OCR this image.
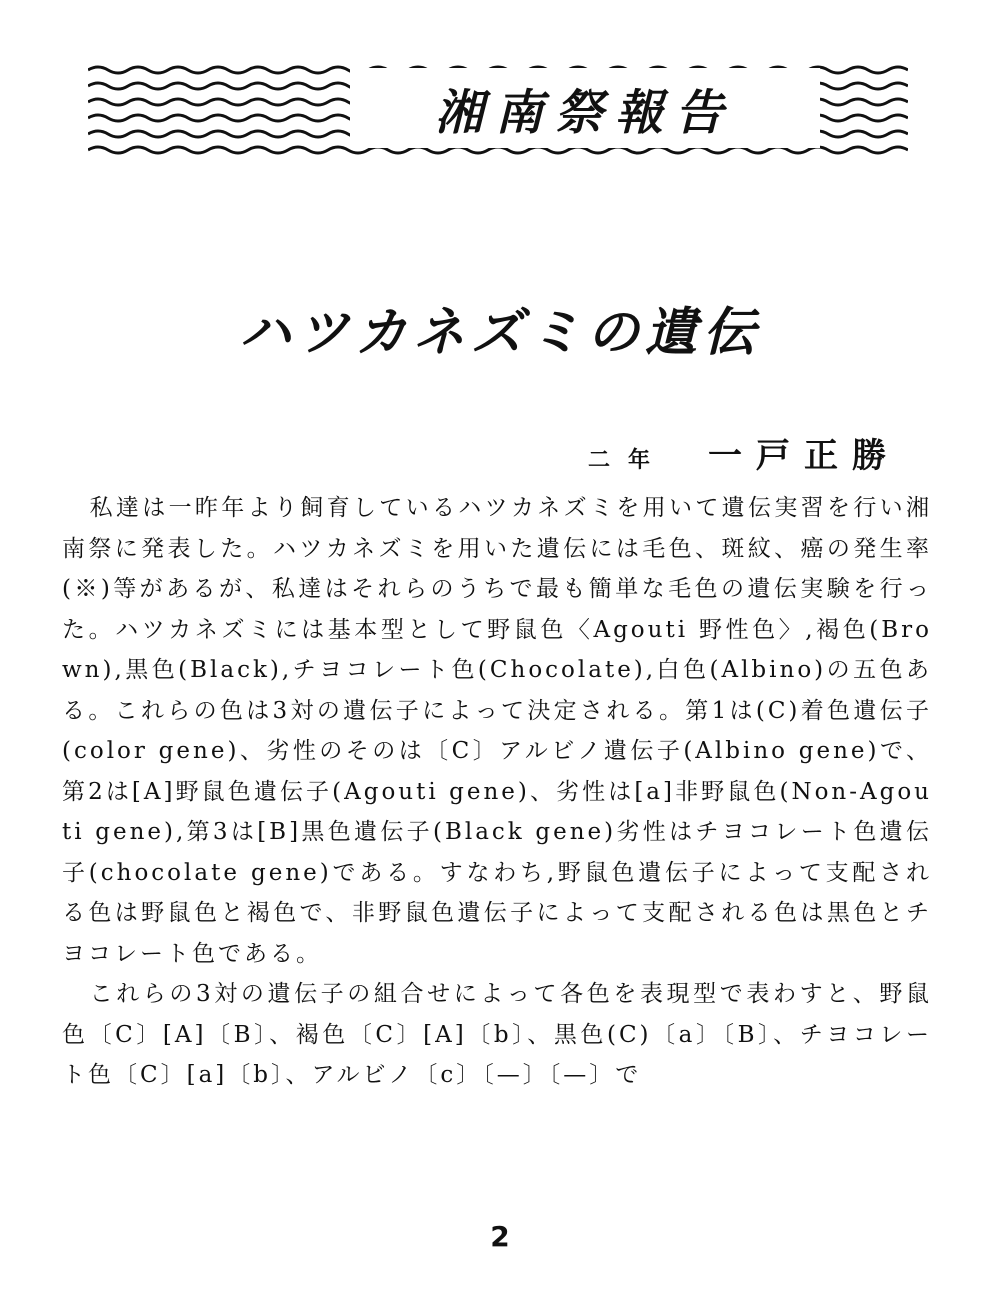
湘南祭報告
ハツカネズミの遺伝
二年 一戸正勝

私達は一昨年より飼育しているハツカネズミを用いて遺伝実習を行い湘南祭に発表した。ハツカネズミを用いた遺伝には毛色、斑紋、癌の発生率(※)等があるが、私達はそれらのうちで最も簡単な毛色の遺伝実験を行った。ハツカネズミには基本型として野鼠色〈Agouti 野性色〉,褐色(Brown),黒色(Black),チヨコレート色(Chocolate),白色(Albino)の五色ある。これらの色は3対の遺伝子によって決定される。第1は(C)着色遺伝子(color gene)、劣性のそのは〔C〕アルビノ遺伝子(Albino gene)で、第2は[A]野鼠色遺伝子(Agouti gene)、劣性は[a]非野鼠色(Non-Agouti gene),第3は[B]黒色遺伝子(Black gene)劣性はチヨコレート色遺伝子(chocolate gene)である。すなわち,野鼠色遺伝子によって支配される色は野鼠色と褐色で、非野鼠色遺伝子によって支配される色は黒色とチヨコレート色である。

これらの3対の遺伝子の組合せによって各色を表現型で表わすと、野鼠色〔C〕[A]〔B〕、褐色〔C〕[A]〔b〕、黒色(C)〔a〕〔B〕、チヨコレート色〔C〕[a]〔b〕、アルビノ〔c〕〔—〕〔—〕で

2
